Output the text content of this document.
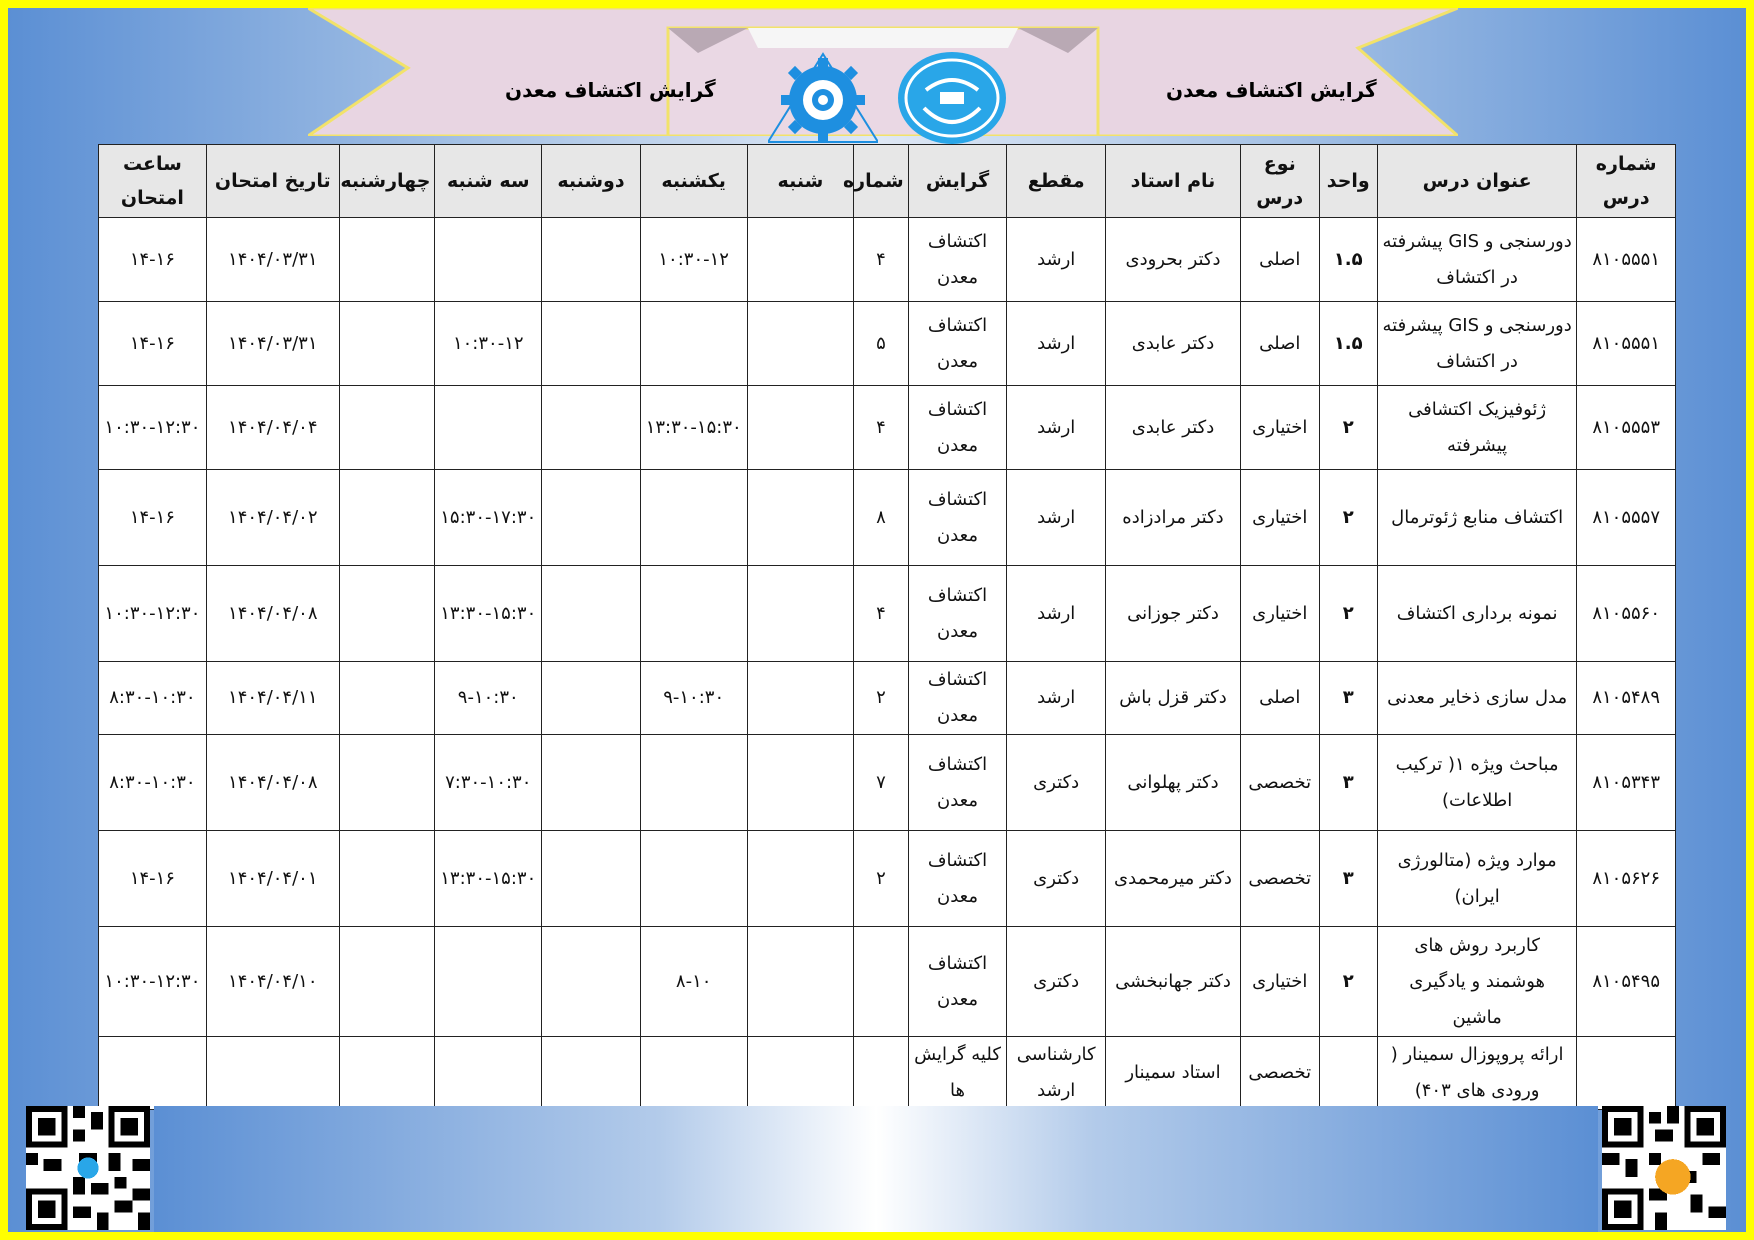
گرایش اکتشاف معدن	گرایش اکتشاف معدن
شماره درس	عنوان درس	واحد	نوع درس	نام استاد	مقطع	گرایش	شماره	شنبه	یکشنبه	دوشنبه	سه شنبه	چهارشنبه	تاریخ امتحان	ساعت امتحان
۸۱۰۵۵۵۱	دورسنجی و GIS پیشرفته در اکتشاف	۱.۵	اصلی	دکتر بحرودی	ارشد	اکتشاف معدن	۴		۱۰:۳۰-۱۲				۱۴۰۴/۰۳/۳۱	۱۴-۱۶
۸۱۰۵۵۵۱	دورسنجی و GIS پیشرفته در اکتشاف	۱.۵	اصلی	دکتر عابدی	ارشد	اکتشاف معدن	۵				۱۰:۳۰-۱۲		۱۴۰۴/۰۳/۳۱	۱۴-۱۶
۸۱۰۵۵۵۳	ژئوفیزیک اکتشافی پیشرفته	۲	اختیاری	دکتر عابدی	ارشد	اکتشاف معدن	۴		۱۳:۳۰-۱۵:۳۰				۱۴۰۴/۰۴/۰۴	۱۰:۳۰-۱۲:۳۰
۸۱۰۵۵۵۷	اکتشاف منابع ژئوترمال	۲	اختیاری	دکتر مرادزاده	ارشد	اکتشاف معدن	۸				۱۵:۳۰-۱۷:۳۰		۱۴۰۴/۰۴/۰۲	۱۴-۱۶
۸۱۰۵۵۶۰	نمونه برداری اکتشاف	۲	اختیاری	دکتر جوزانی	ارشد	اکتشاف معدن	۴				۱۳:۳۰-۱۵:۳۰		۱۴۰۴/۰۴/۰۸	۱۰:۳۰-۱۲:۳۰
۸۱۰۵۴۸۹	مدل سازی ذخایر معدنی	۳	اصلی	دکتر قزل باش	ارشد	اکتشاف معدن	۲		۹-۱۰:۳۰		۹-۱۰:۳۰		۱۴۰۴/۰۴/۱۱	۸:۳۰-۱۰:۳۰
۸۱۰۵۳۴۳	مباحث ویژه ۱( ترکیب اطلاعات)	۳	تخصصی	دکتر پهلوانی	دکتری	اکتشاف معدن	۷				۷:۳۰-۱۰:۳۰		۱۴۰۴/۰۴/۰۸	۸:۳۰-۱۰:۳۰
۸۱۰۵۶۲۶	موارد ویژه (متالورژی ایران)	۳	تخصصی	دکتر میرمحمدی	دکتری	اکتشاف معدن	۲				۱۳:۳۰-۱۵:۳۰		۱۴۰۴/۰۴/۰۱	۱۴-۱۶
۸۱۰۵۴۹۵	کاربرد روش های هوشمند و یادگیری ماشین	۲	اختیاری	دکتر جهانبخشی	دکتری	اکتشاف معدن			۸-۱۰				۱۴۰۴/۰۴/۱۰	۱۰:۳۰-۱۲:۳۰
	ارائه پروپوزال سمینار ( ورودی های ۴۰۳)		تخصصی	استاد سمینار	کارشناسی ارشد	کلیه گرایش ها								
